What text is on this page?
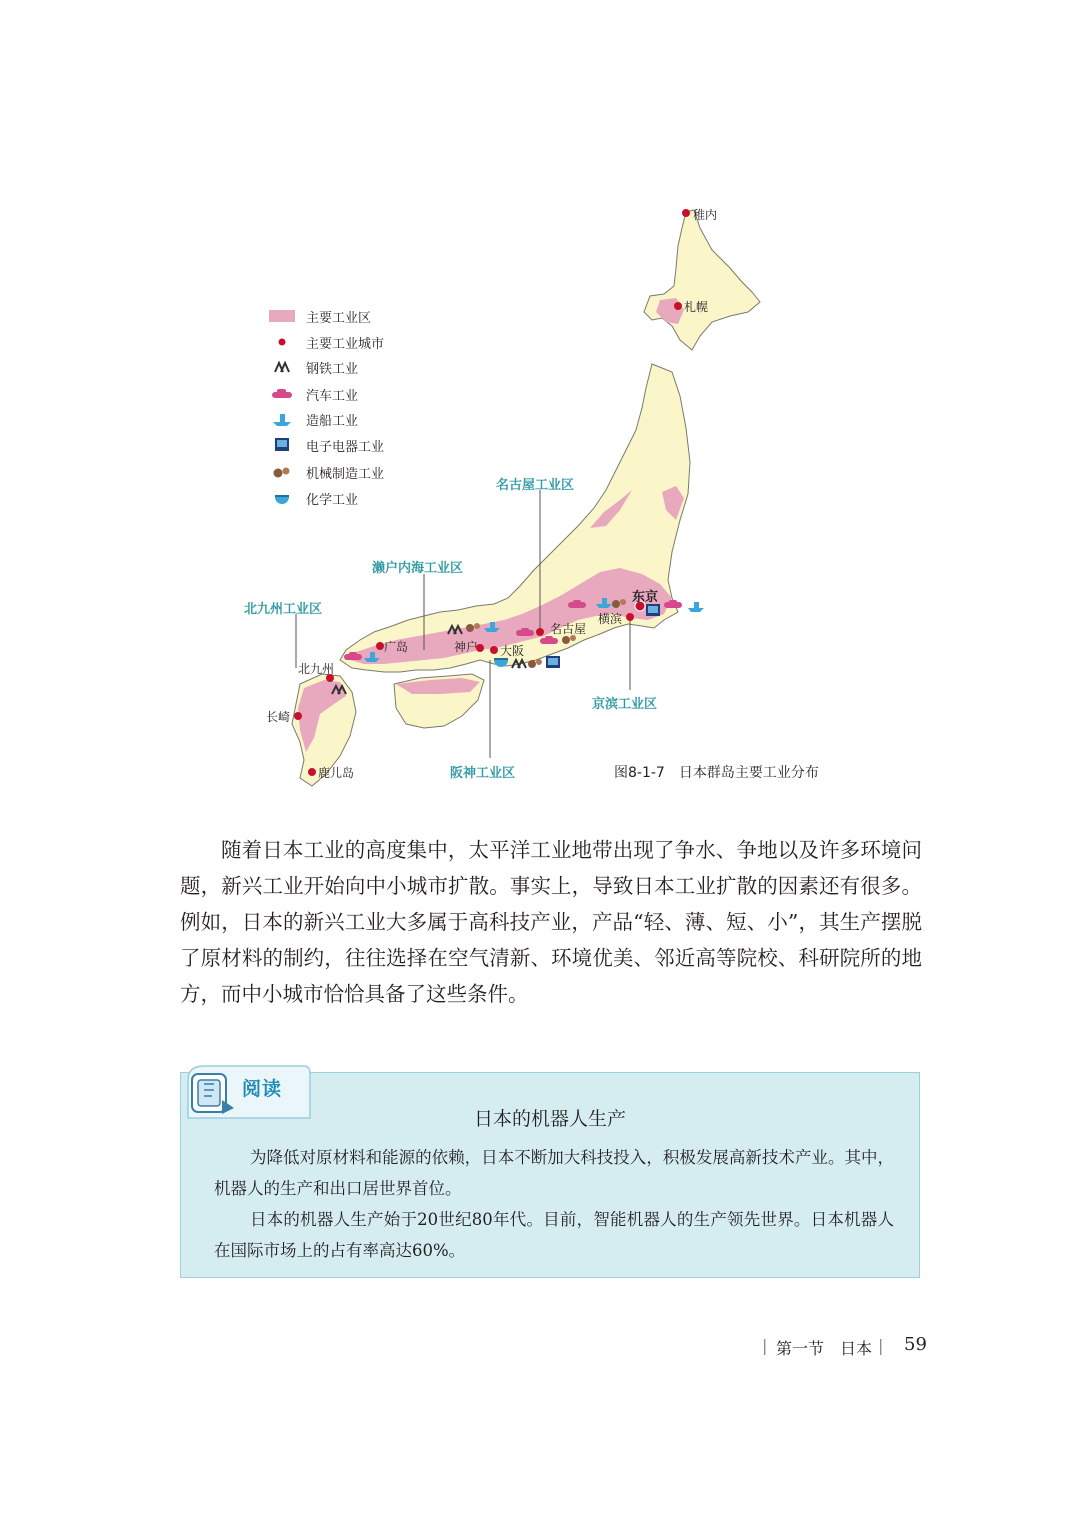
主要工业区
主要工业城市
钢铁工业
汽车工业
造船工业
电子电器工业
机械制造工业
化学工业
稚内
札幌
东京
横滨
名古屋
神户 大阪
广岛
北九州
长崎
鹿儿岛
名古屋工业区
濑户内海工业区
北九州工业区
京滨工业区
阪神工业区	图8-1-7　日本群岛主要工业分布

随着日本工业的高度集中，太平洋工业地带出现了争水、争地以及许多环境问题，新兴工业开始向中小城市扩散。事实上，导致日本工业扩散的因素还有很多。例如，日本的新兴工业大多属于高科技产业，产品“轻、薄、短、小”，其生产摆脱了原材料的制约，往往选择在空气清新、环境优美、邻近高等院校、科研院所的地方，而中小城市恰恰具备了这些条件。

阅读
日本的机器人生产

为降低对原材料和能源的依赖，日本不断加大科技投入，积极发展高新技术产业。其中，机器人的生产和出口居世界首位。

日本的机器人生产始于20世纪80年代。目前，智能机器人的生产领先世界。日本机器人在国际市场上的占有率高达60%。

| 第一节 日本 | 59
